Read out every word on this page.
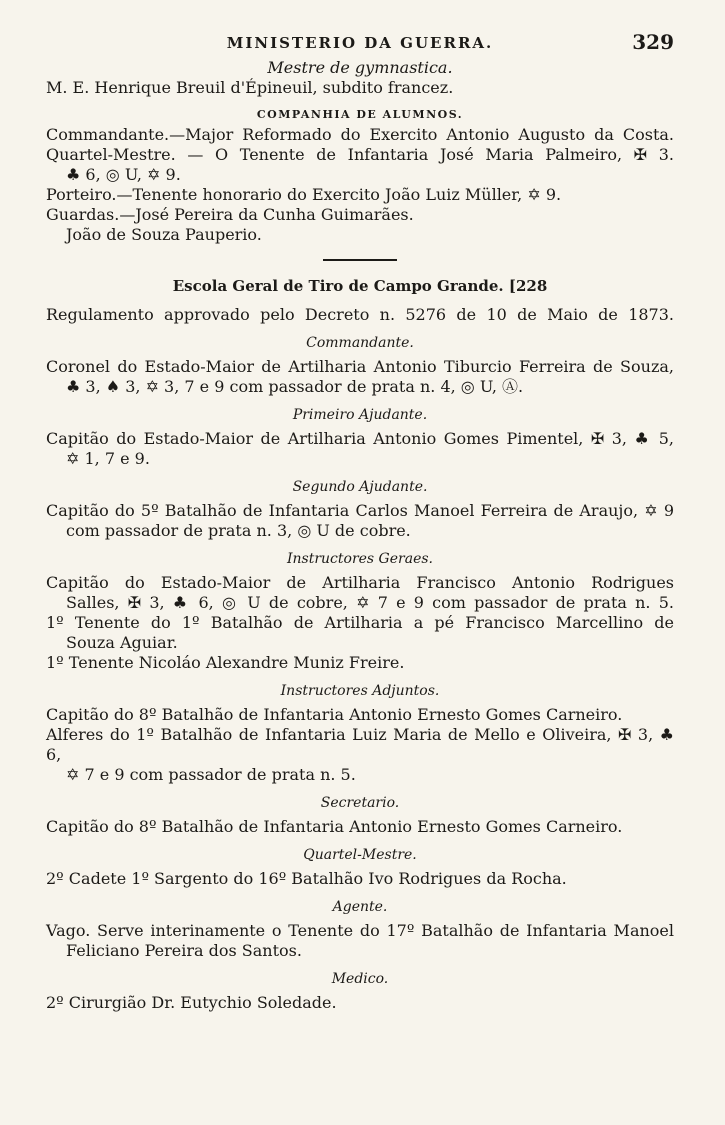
MINISTERIO DA GUERRA.	329

Mestre de gymnastica.

M. E. Henrique Breuil d'Épineuil, subdito francez.

COMPANHIA DE ALUMNOS.

Commandante.—Major Reformado do Exercito Antonio Augusto da Costa.

Quartel-Mestre. — O Tenente de Infantaria José Maria Palmeiro, ✠ 3.

♣ 6, ◎ U, ✡ 9.

Porteiro.—Tenente honorario do Exercito João Luiz Müller, ✡ 9.

Guardas.—José Pereira da Cunha Guimarães.

João de Souza Pauperio.

Escola Geral de Tiro de Campo Grande. [228

Regulamento approvado pelo Decreto n. 5276 de 10 de Maio de 1873.

Commandante.

Coronel do Estado-Maior de Artilharia Antonio Tiburcio Ferreira de Souza,

♣ 3, ♠ 3, ✡ 3, 7 e 9 com passador de prata n. 4, ◎ U, Ⓐ.

Primeiro Ajudante.

Capitão do Estado-Maior de Artilharia Antonio Gomes Pimentel, ✠ 3, ♣ 5,

✡ 1, 7 e 9.

Segundo Ajudante.

Capitão do 5º Batalhão de Infantaria Carlos Manoel Ferreira de Araujo, ✡ 9

com passador de prata n. 3, ◎ U de cobre.

Instructores Geraes.

Capitão do Estado-Maior de Artilharia Francisco Antonio Rodrigues

Salles, ✠ 3, ♣ 6, ◎ U de cobre, ✡ 7 e 9 com passador de prata n. 5.

1º Tenente do 1º Batalhão de Artilharia a pé Francisco Marcellino de

Souza Aguiar.

1º Tenente Nicoláo Alexandre Muniz Freire.

Instructores Adjuntos.

Capitão do 8º Batalhão de Infantaria Antonio Ernesto Gomes Carneiro.

Alferes do 1º Batalhão de Infantaria Luiz Maria de Mello e Oliveira, ✠ 3, ♣ 6,

✡ 7 e 9 com passador de prata n. 5.

Secretario.

Capitão do 8º Batalhão de Infantaria Antonio Ernesto Gomes Carneiro.

Quartel-Mestre.

2º Cadete 1º Sargento do 16º Batalhão Ivo Rodrigues da Rocha.

Agente.

Vago. Serve interinamente o Tenente do 17º Batalhão de Infantaria Manoel

Feliciano Pereira dos Santos.

Medico.

2º Cirurgião Dr. Eutychio Soledade.
